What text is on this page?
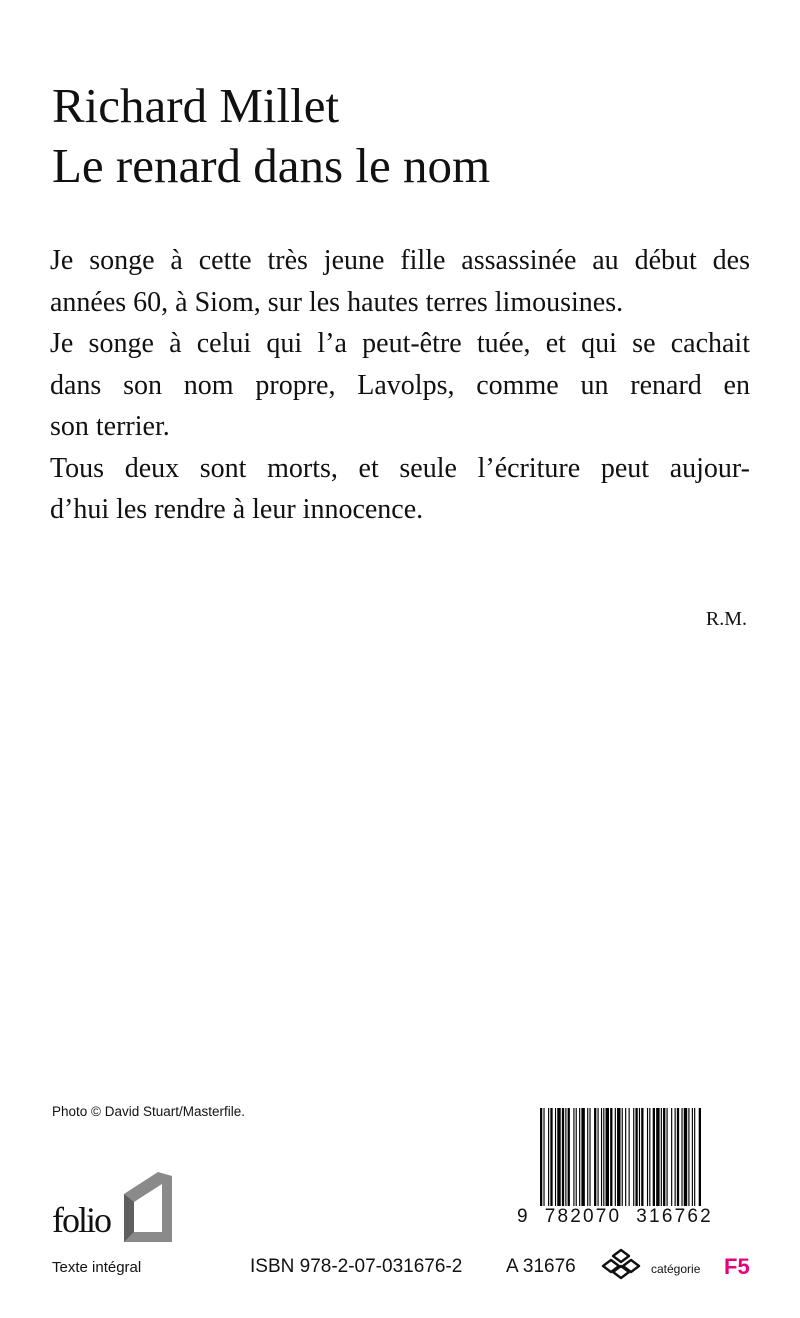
Richard Millet
Le renard dans le nom
Je songe à cette très jeune fille assassinée au début des
années 60, à Siom, sur les hautes terres limousines.
Je songe à celui qui l’a peut-être tuée, et qui se cachait
dans son nom propre, Lavolps, comme un renard en
son terrier.
Tous deux sont morts, et seule l’écriture peut aujour-
d’hui les rendre à leur innocence.
R.M.
Photo © David Stuart/Masterfile.
folio
Texte intégral
9  782070  316762
ISBN 978-2-07-031676-2 A 31676	catégorie F5
